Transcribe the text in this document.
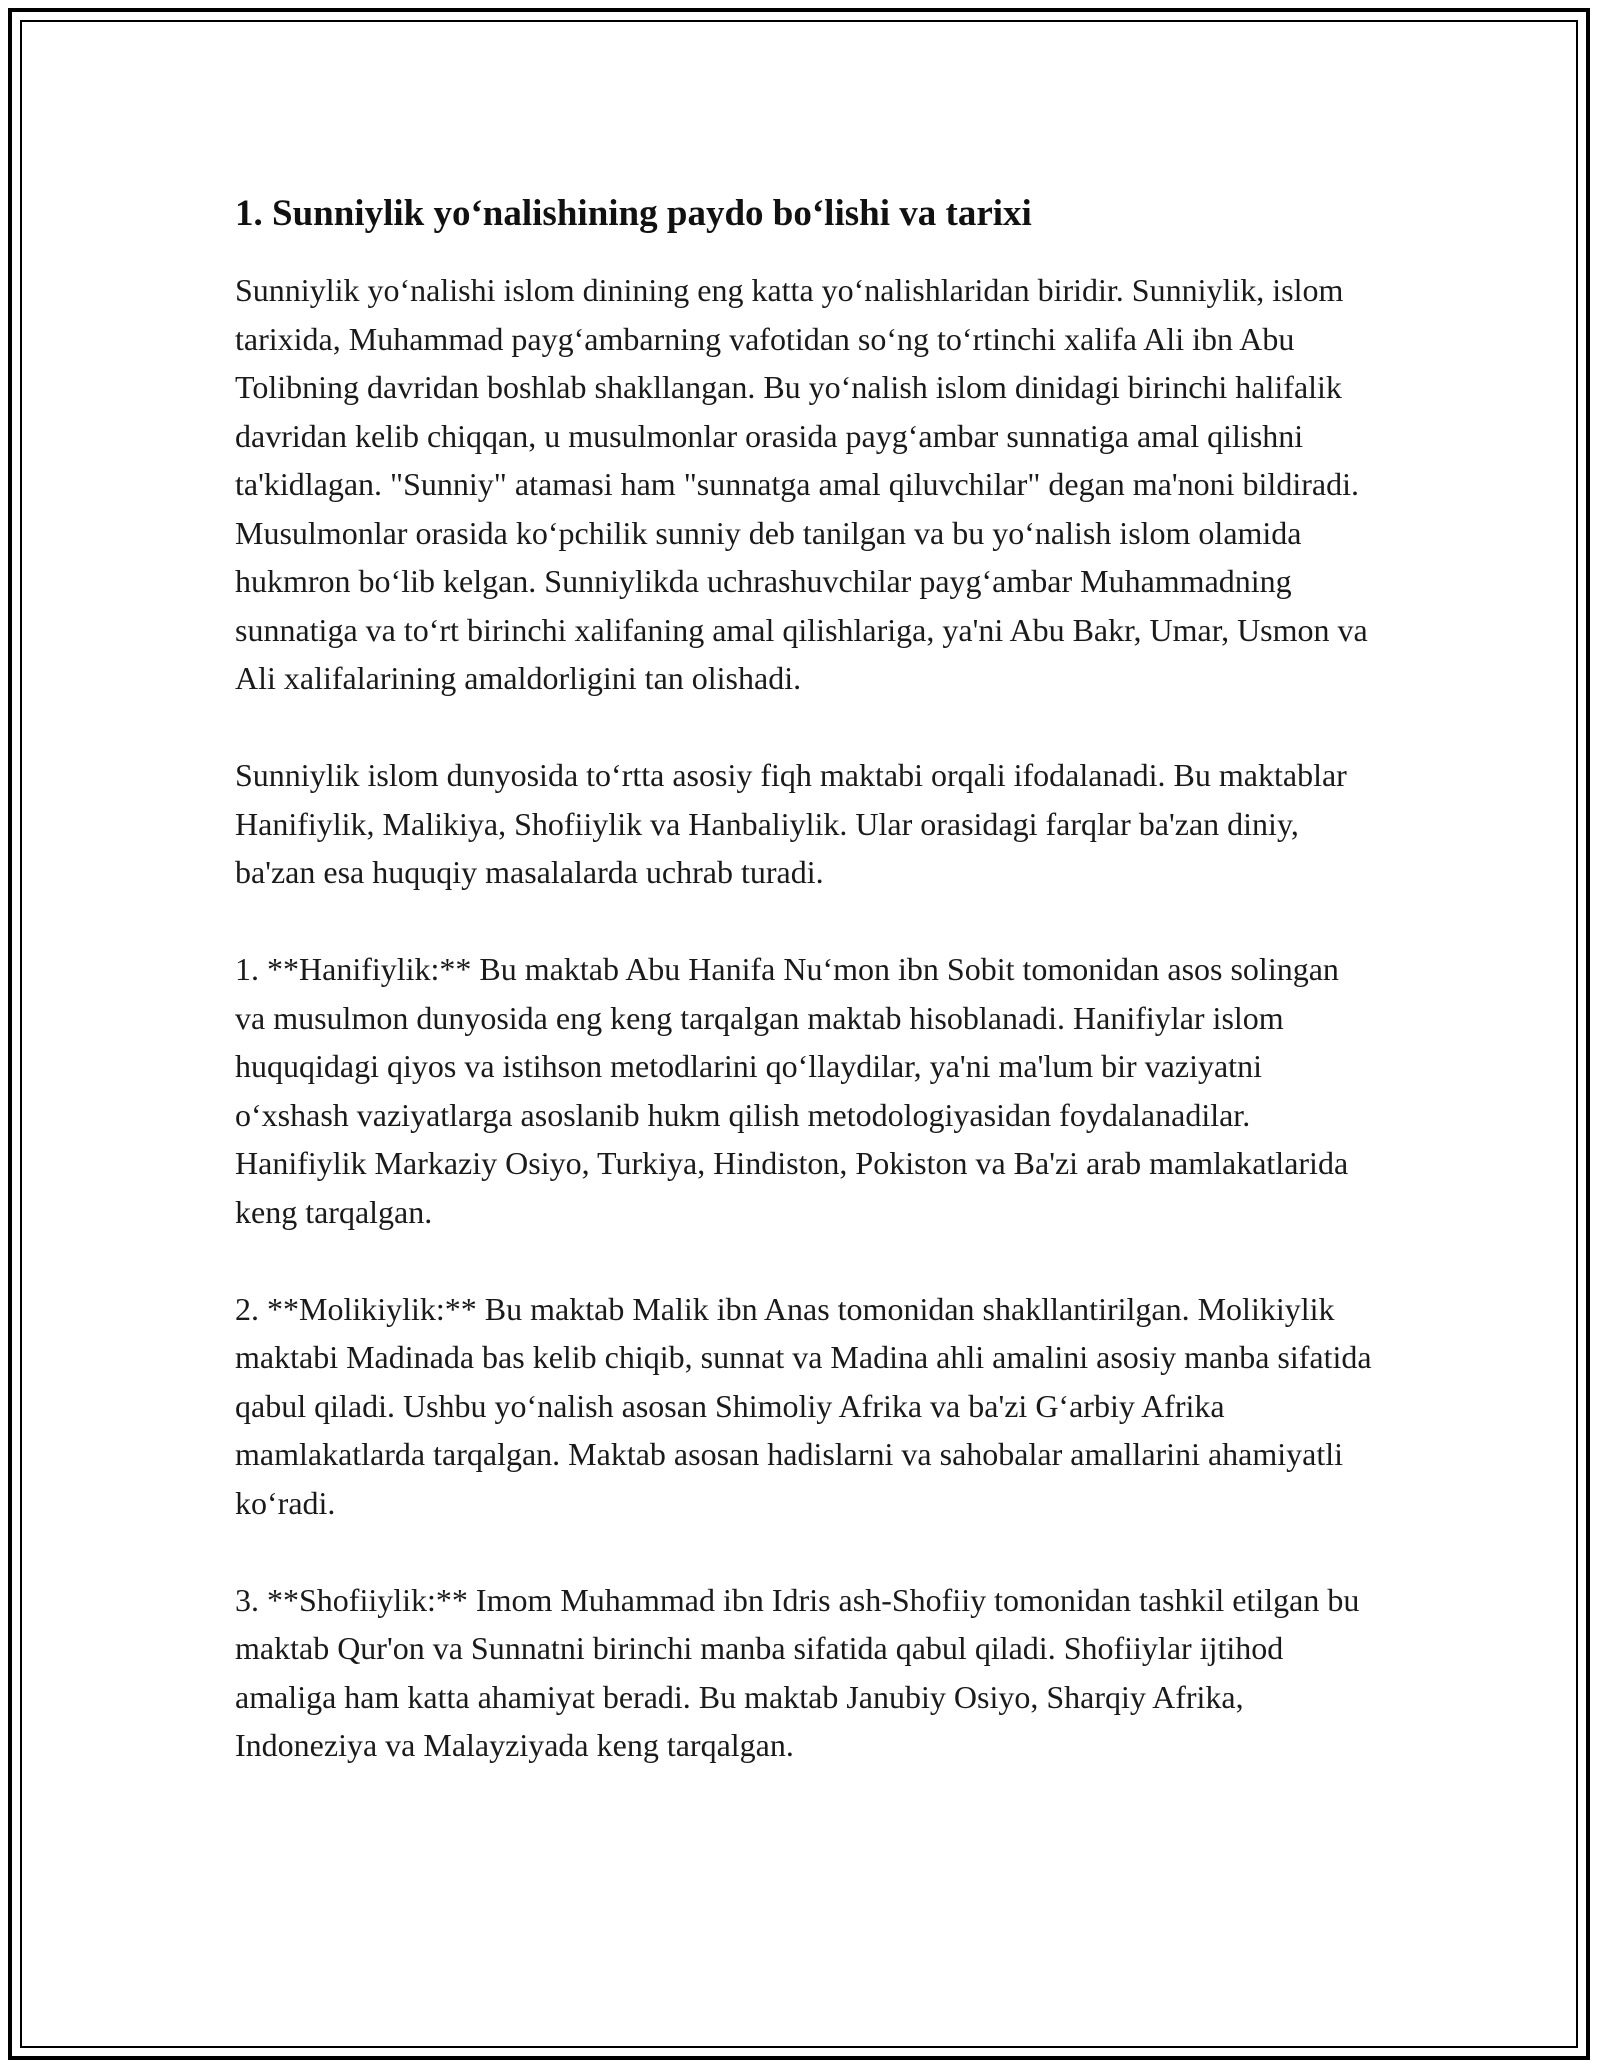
1. Sunniylik yo‘nalishining paydo bo‘lishi va tarixi

Sunniylik yo‘nalishi islom dinining eng katta yo‘nalishlaridan biridir. Sunniylik, islom tarixida, Muhammad payg‘ambarning vafotidan so‘ng to‘rtinchi xalifa Ali ibn Abu Tolibning davridan boshlab shakllangan. Bu yo‘nalish islom dinidagi birinchi halifalik davridan kelib chiqqan, u musulmonlar orasida payg‘ambar sunnatiga amal qilishni ta'kidlagan. "Sunniy" atamasi ham "sunnatga amal qiluvchilar" degan ma'noni bildiradi. Musulmonlar orasida ko‘pchilik sunniy deb tanilgan va bu yo‘nalish islom olamida hukmron bo‘lib kelgan. Sunniylikda uchrashuvchilar payg‘ambar Muhammadning sunnatiga va to‘rt birinchi xalifaning amal qilishlariga, ya'ni Abu Bakr, Umar, Usmon va Ali xalifalarining amaldorligini tan olishadi.

Sunniylik islom dunyosida to‘rtta asosiy fiqh maktabi orqali ifodalanadi. Bu maktablar Hanifiylik, Malikiya, Shofiiylik va Hanbaliylik. Ular orasidagi farqlar ba'zan diniy, ba'zan esa huquqiy masalalarda uchrab turadi.

1. **Hanifiylik:** Bu maktab Abu Hanifa Nu‘mon ibn Sobit tomonidan asos solingan va musulmon dunyosida eng keng tarqalgan maktab hisoblanadi. Hanifiylar islom huquqidagi qiyos va istihson metodlarini qo‘llaydilar, ya'ni ma'lum bir vaziyatni o‘xshash vaziyatlarga asoslanib hukm qilish metodologiyasidan foydalanadilar. Hanifiylik Markaziy Osiyo, Turkiya, Hindiston, Pokiston va Ba'zi arab mamlakatlarida keng tarqalgan.

2. **Molikiylik:** Bu maktab Malik ibn Anas tomonidan shakllantirilgan. Molikiylik maktabi Madinada bas kelib chiqib, sunnat va Madina ahli amalini asosiy manba sifatida qabul qiladi. Ushbu yo‘nalish asosan Shimoliy Afrika va ba'zi G‘arbiy Afrika mamlakatlarda tarqalgan. Maktab asosan hadislarni va sahobalar amallarini ahamiyatli ko‘radi.

3. **Shofiiylik:** Imom Muhammad ibn Idris ash-Shofiiy tomonidan tashkil etilgan bu maktab Qur'on va Sunnatni birinchi manba sifatida qabul qiladi. Shofiiylar ijtihod amaliga ham katta ahamiyat beradi. Bu maktab Janubiy Osiyo, Sharqiy Afrika, Indoneziya va Malayziyada keng tarqalgan.
